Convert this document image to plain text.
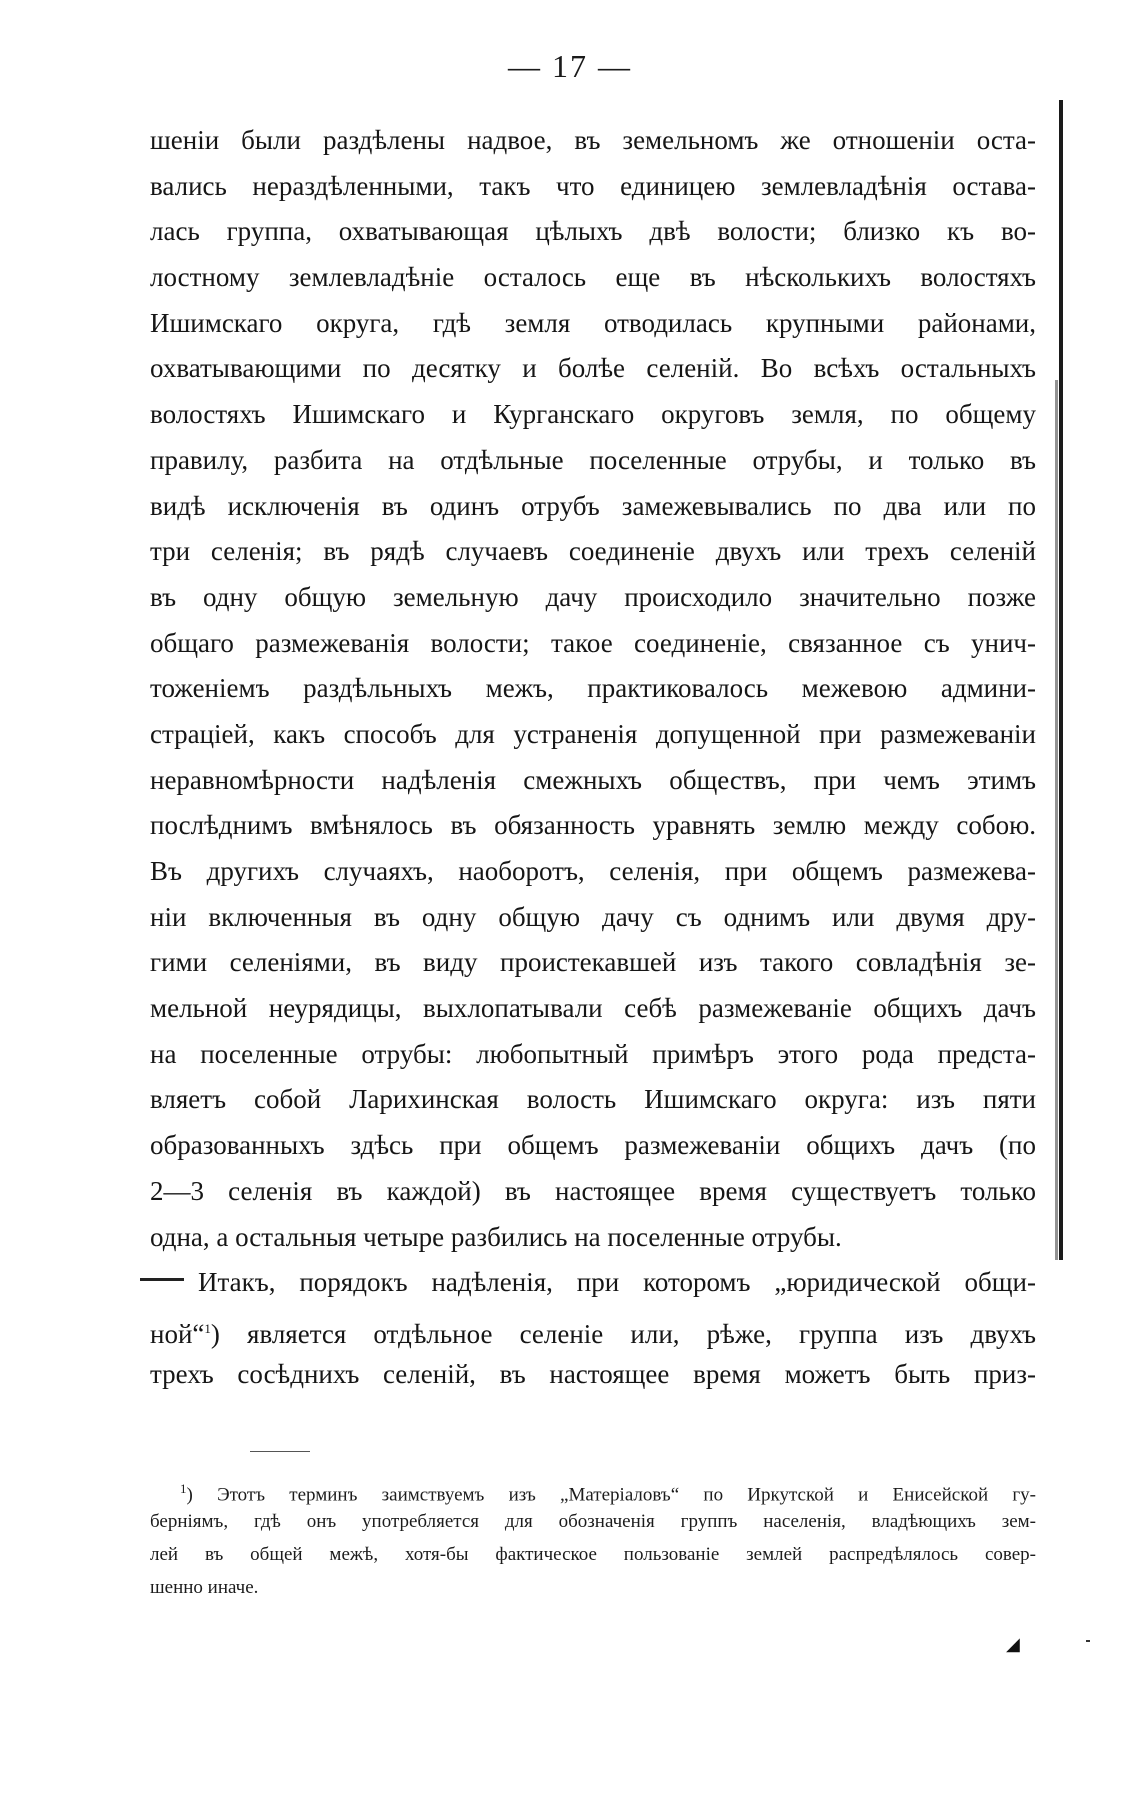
— 17 —
шеніи были раздѣлены надвое, въ земельномъ же отношеніи оста-
вались нераздѣленными, такъ что единицею землевладѣнія остава-
лась группа, охватывающая цѣлыхъ двѣ волости; близко къ во-
лостному землевладѣніе осталось еще въ нѣсколькихъ волостяхъ
Ишимскаго округа, гдѣ земля отводилась крупными районами,
охватывающими по десятку и болѣе селеній. Во всѣхъ остальныхъ
волостяхъ Ишимскаго и Курганскаго округовъ земля, по общему
правилу, разбита на отдѣльные поселенные отрубы, и только въ
видѣ исключенія въ одинъ отрубъ замежевывались по два или по
три селенія; въ рядѣ случаевъ соединеніе двухъ или трехъ селеній
въ одну общую земельную дачу происходило значительно позже
общаго размежеванія волости; такое соединеніе, связанное съ унич-
тоженіемъ раздѣльныхъ межъ, практиковалось межевою админи-
страціей, какъ способъ для устраненія допущенной при размежеваніи
неравномѣрности надѣленія смежныхъ обществъ, при чемъ этимъ
послѣднимъ вмѣнялось въ обязанность уравнять землю между собою.
Въ другихъ случаяхъ, наоборотъ, селенія, при общемъ размежева-
ніи включенныя въ одну общую дачу съ однимъ или двумя дру-
гими селеніями, въ виду проистекавшей изъ такого совладѣнія зе-
мельной неурядицы, выхлопатывали себѣ размежеваніе общихъ дачъ
на поселенные отрубы: любопытный примѣръ этого рода предста-
вляетъ собой Ларихинская волость Ишимскаго округа: изъ пяти
образованныхъ здѣсь при общемъ размежеваніи общихъ дачъ (по
2—3 селенія въ каждой) въ настоящее время существуетъ только
одна, а остальныя четыре разбились на поселенные отрубы.
Итакъ, порядокъ надѣленія, при которомъ „юридической общи-
ной“$^1$) является отдѣльное селеніе или, рѣже, группа изъ двухъ
трехъ сосѣднихъ селеній, въ настоящее время можетъ быть приз-
$^1$) Этотъ терминъ заимствуемъ изъ „Матеріаловъ“ по Иркутской и Енисейской гу-
берніямъ, гдѣ онъ употребляется для обозначенія группъ населенія, владѣющихъ зем-
лей въ общей межѣ, хотя-бы фактическое пользованіе землей распредѣлялось совер-
шенно иначе.
◢
